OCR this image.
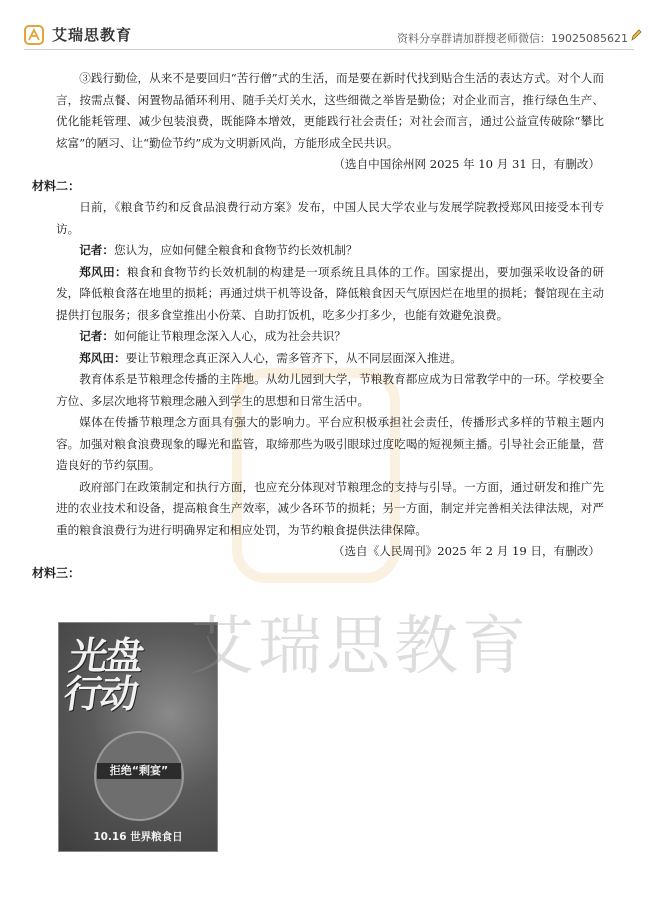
艾瑞思教育	资料分享群请加群搜老师微信：19025085621

③践行勤俭，从来不是要回归“苦行僧”式的生活，而是要在新时代找到贴合生活的表达方式。对个人而言，按需点餐、闲置物品循环利用、随手关灯关水，这些细微之举皆是勤俭；对企业而言，推行绿色生产、优化能耗管理、减少包装浪费，既能降本增效，更能践行社会责任；对社会而言，通过公益宣传破除“攀比炫富”的陋习、让“勤俭节约”成为文明新风尚，方能形成全民共识。

（选自中国徐州网 2025 年 10 月 31 日，有删改）

材料二：

日前，《粮食节约和反食品浪费行动方案》发布，中国人民大学农业与发展学院教授郑风田接受本刊专访。

记者：您认为，应如何健全粮食和食物节约长效机制？

郑风田：粮食和食物节约长效机制的构建是一项系统且具体的工作。国家提出，要加强采收设备的研发，降低粮食落在地里的损耗；再通过烘干机等设备，降低粮食因天气原因烂在地里的损耗；餐馆现在主动提供打包服务；很多食堂推出小份菜、自助打饭机，吃多少打多少，也能有效避免浪费。

记者：如何能让节粮理念深入人心，成为社会共识？

郑风田：要让节粮理念真正深入人心，需多管齐下，从不同层面深入推进。

教育体系是节粮理念传播的主阵地。从幼儿园到大学，节粮教育都应成为日常教学中的一环。学校要全方位、多层次地将节粮理念融入到学生的思想和日常生活中。

媒体在传播节粮理念方面具有强大的影响力。平台应积极承担社会责任，传播形式多样的节粮主题内容。加强对粮食浪费现象的曝光和监管，取缔那些为吸引眼球过度吃喝的短视频主播。引导社会正能量，营造良好的节约氛围。

政府部门在政策制定和执行方面，也应充分体现对节粮理念的支持与引导。一方面，通过研发和推广先进的农业技术和设备，提高粮食生产效率，减少各环节的损耗；另一方面，制定并完善相关法律法规，对严重的粮食浪费行为进行明确界定和相应处罚，为节约粮食提供法律保障。

（选自《人民周刊》2025 年 2 月 19 日，有删改）

材料三：

光盘
行动
拒绝“剩宴”
10.16 世界粮食日
艾瑞思教育
